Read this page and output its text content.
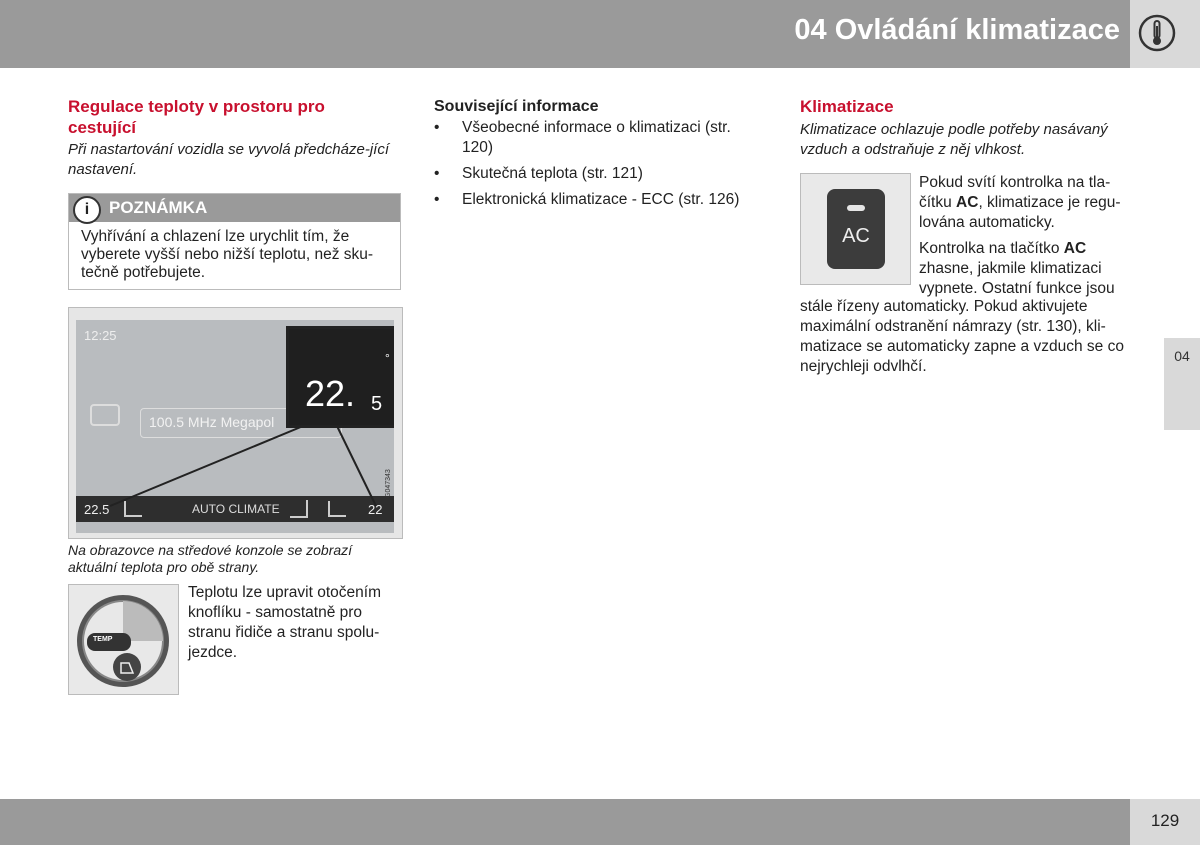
04 Ovládání klimatizace
04
Regulace teploty v prostoru pro cestující
Při nastartování vozidla se vyvolá předcháze-jící nastavení.
i	POZNÁMKA
Vyhřívání a chlazení lze urychlit tím, že vyberete vyšší nebo nižší teplotu, než sku-tečně potřebujete.
12:25
100.5 MHz Megapol
22.5	AUTO CLIMATE	22
22. 5
°
G047343
Na obrazovce na středové konzole se zobrazí aktuální teplota pro obě strany.
TEMP
Teplotu lze upravit otočením knoflíku - samostatně pro stranu řidiče a stranu spolu-jezdce.
Související informace
• Všeobecné informace o klimatizaci (str. 120)
• Skutečná teplota (str. 121)
• Elektronická klimatizace - ECC (str. 126)
Klimatizace
Klimatizace ochlazuje podle potřeby nasávaný vzduch a odstraňuje z něj vlhkost.
AC
Pokud svítí kontrolka na tla-
čítku AC, klimatizace je regu-
lována automaticky.
Kontrolka na tlačítko AC
zhasne, jakmile klimatizaci
vypnete. Ostatní funkce jsou
stále řízeny automaticky. Pokud aktivujete maximální odstranění námrazy (str. 130), kli-matizace se automaticky zapne a vzduch se co nejrychleji odvlhčí.
129
